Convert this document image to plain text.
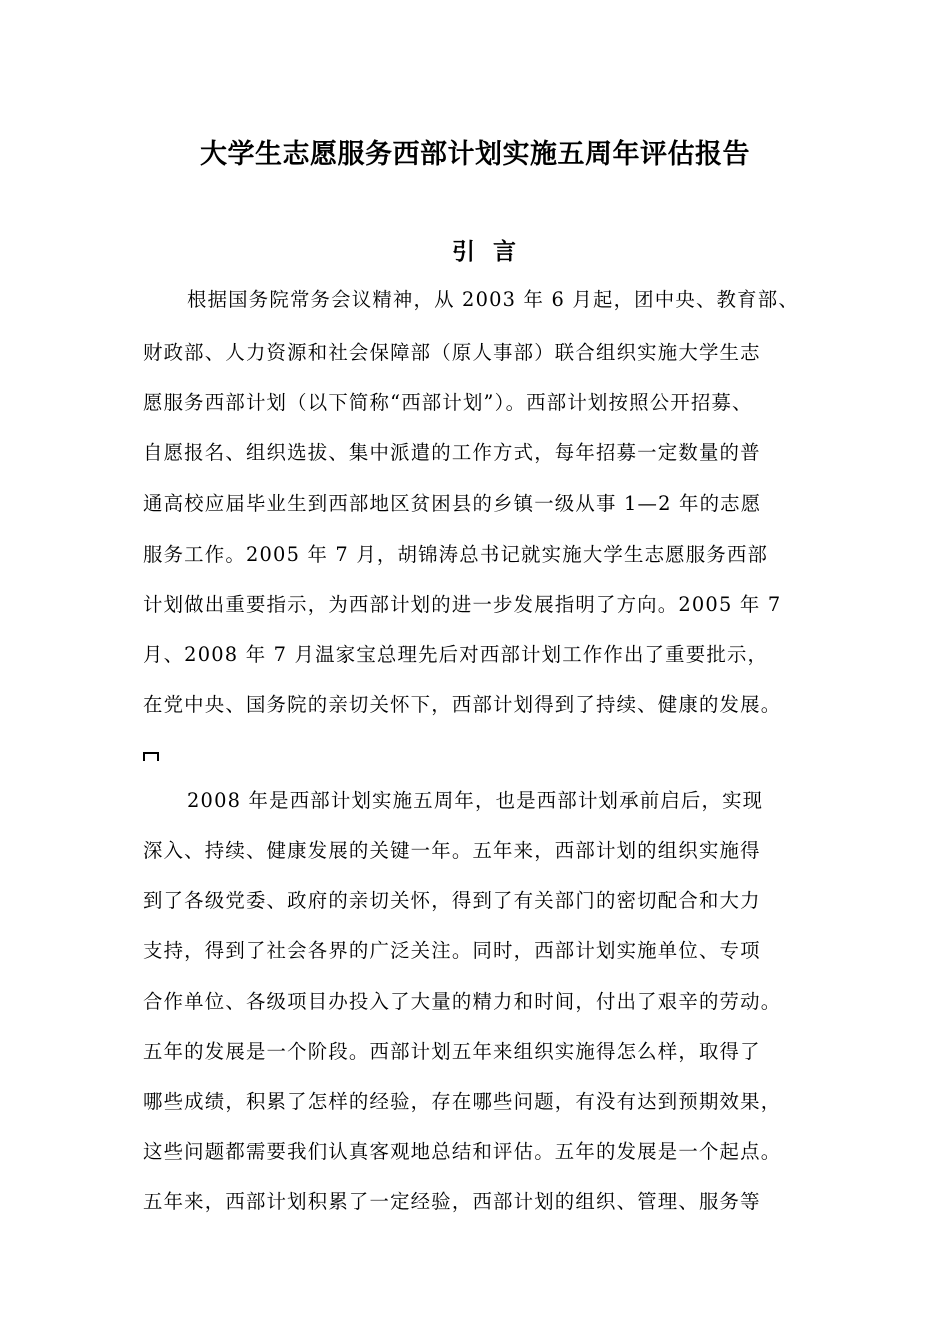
大学生志愿服务西部计划实施五周年评估报告
引言
根据国务院常务会议精神，从 2003 年 6 月起，团中央、教育部、
财政部、人力资源和社会保障部（原人事部）联合组织实施大学生志
愿服务西部计划（以下简称“西部计划”）。西部计划按照公开招募、
自愿报名、组织选拔、集中派遣的工作方式，每年招募一定数量的普
通高校应届毕业生到西部地区贫困县的乡镇一级从事 1—2 年的志愿
服务工作。2005 年 7 月，胡锦涛总书记就实施大学生志愿服务西部
计划做出重要指示，为西部计划的进一步发展指明了方向。2005 年 7
月、2008 年 7 月温家宝总理先后对西部计划工作作出了重要批示，
在党中央、国务院的亲切关怀下，西部计划得到了持续、健康的发展。
2008 年是西部计划实施五周年，也是西部计划承前启后，实现
深入、持续、健康发展的关键一年。五年来，西部计划的组织实施得
到了各级党委、政府的亲切关怀，得到了有关部门的密切配合和大力
支持，得到了社会各界的广泛关注。同时，西部计划实施单位、专项
合作单位、各级项目办投入了大量的精力和时间，付出了艰辛的劳动。
五年的发展是一个阶段。西部计划五年来组织实施得怎么样，取得了
哪些成绩，积累了怎样的经验，存在哪些问题，有没有达到预期效果，
这些问题都需要我们认真客观地总结和评估。五年的发展是一个起点。
五年来，西部计划积累了一定经验，西部计划的组织、管理、服务等
